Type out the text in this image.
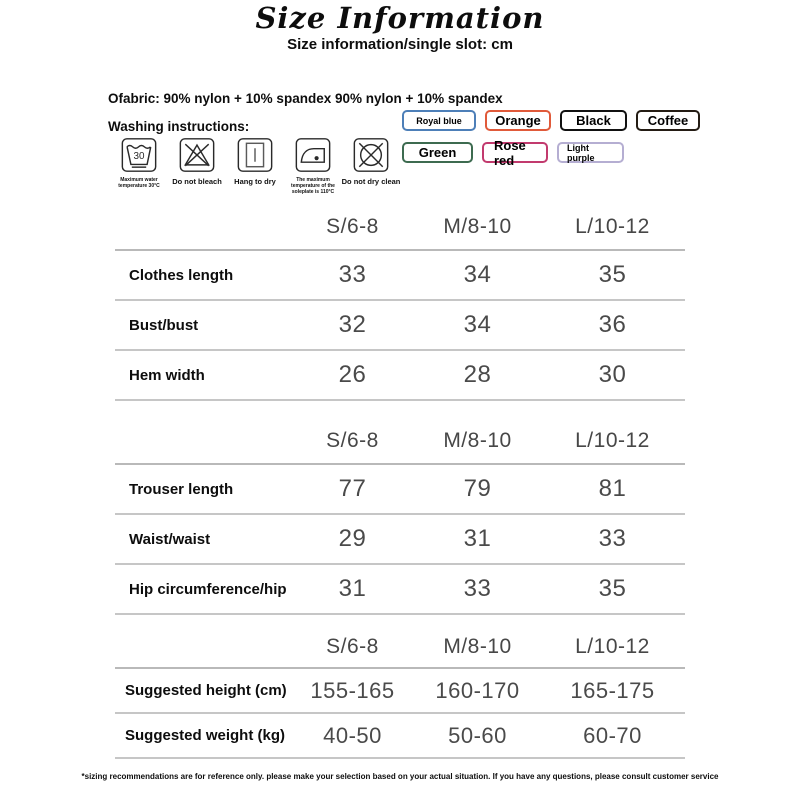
Size Information
Size information/single slot: cm
Ofabric: 90% nylon + 10% spandex 90% nylon + 10% spandex
Washing instructions:
30
Maximum water temperature 30°C	Do not bleach	Hang to dry	The maximum temperature of the soleplate is 110°C
Do not dry clean
Royal blue	Orange	Black	Coffee
Green	Rose red
Light purple
S/6-8	M/8-10	L/10-12
Clothes length	33	34	35
Bust/bust	32	34	36
Hem width	26	28	30
S/6-8	M/8-10	L/10-12
Trouser length	77	79	81
Waist/waist	29	31	33
Hip circumference/hip	31	33	35
S/6-8	M/8-10	L/10-12
Suggested height (cm)	155-165	160-170	165-175
Suggested weight (kg)	40-50	50-60	60-70
*sizing recommendations are for reference only. please make your selection based on your actual situation. If you have any questions, please consult customer service
